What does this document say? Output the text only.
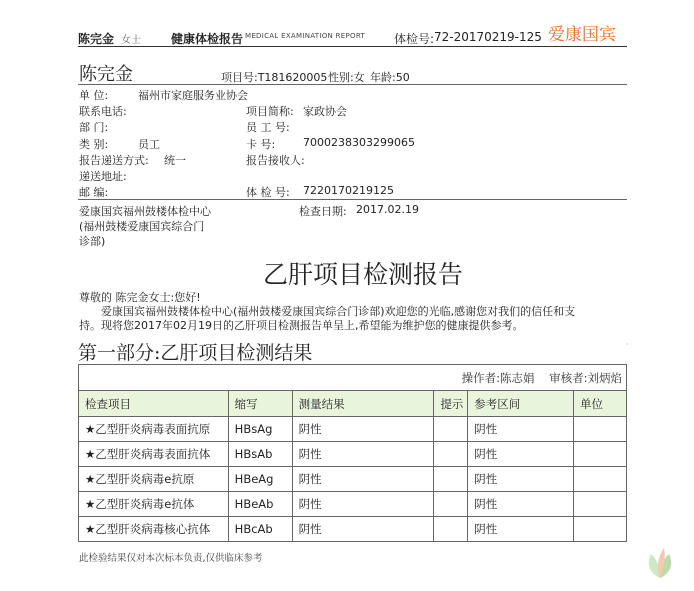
陈完金 女士	健康体检报告 MEDICAL EXAMINATION REPORT 体检号: 72-20170219-125 爱康国宾
陈完金	项目号:T181620005 性别:女 年龄:50
单 位:	福州市家庭服务业协会
联系电话:	项目简称: 家政协会
部 门:	员 工 号:
类 别:	员工	卡 号:	7000238303299065
报告递送方式: 统一	报告接收人:
递送地址:
邮 编:	体 检 号: 7220170219125
爱康国宾福州鼓楼体检中心
(福州鼓楼爱康国宾综合门
诊部)
检查日期: 2017.02.19
乙肝项目检测报告
尊敬的 陈完金女士:您好!
爱康国宾福州鼓楼体检中心(福州鼓楼爱康国宾综合门诊部)欢迎您的光临,感谢您对我们的信任和支
持。现将您2017年02月19日的乙肝项目检测报告单呈上,希望能为维护您的健康提供参考。
第一部分:乙肝项目检测结果	·
操作者:陈志娟 审核者:刘炳焰					
检查项目	缩写	测量结果	提示	参考区间	单位
★乙型肝炎病毒表面抗原	HBsAg	阴性		阴性	
★乙型肝炎病毒表面抗体	HBsAb	阴性		阴性	
★乙型肝炎病毒e抗原	HBeAg	阴性		阴性	
★乙型肝炎病毒e抗体	HBeAb	阴性		阴性	
★乙型肝炎病毒核心抗体	HBcAb	阴性		阴性	
此检验结果仅对本次标本负责,仅供临床参考
